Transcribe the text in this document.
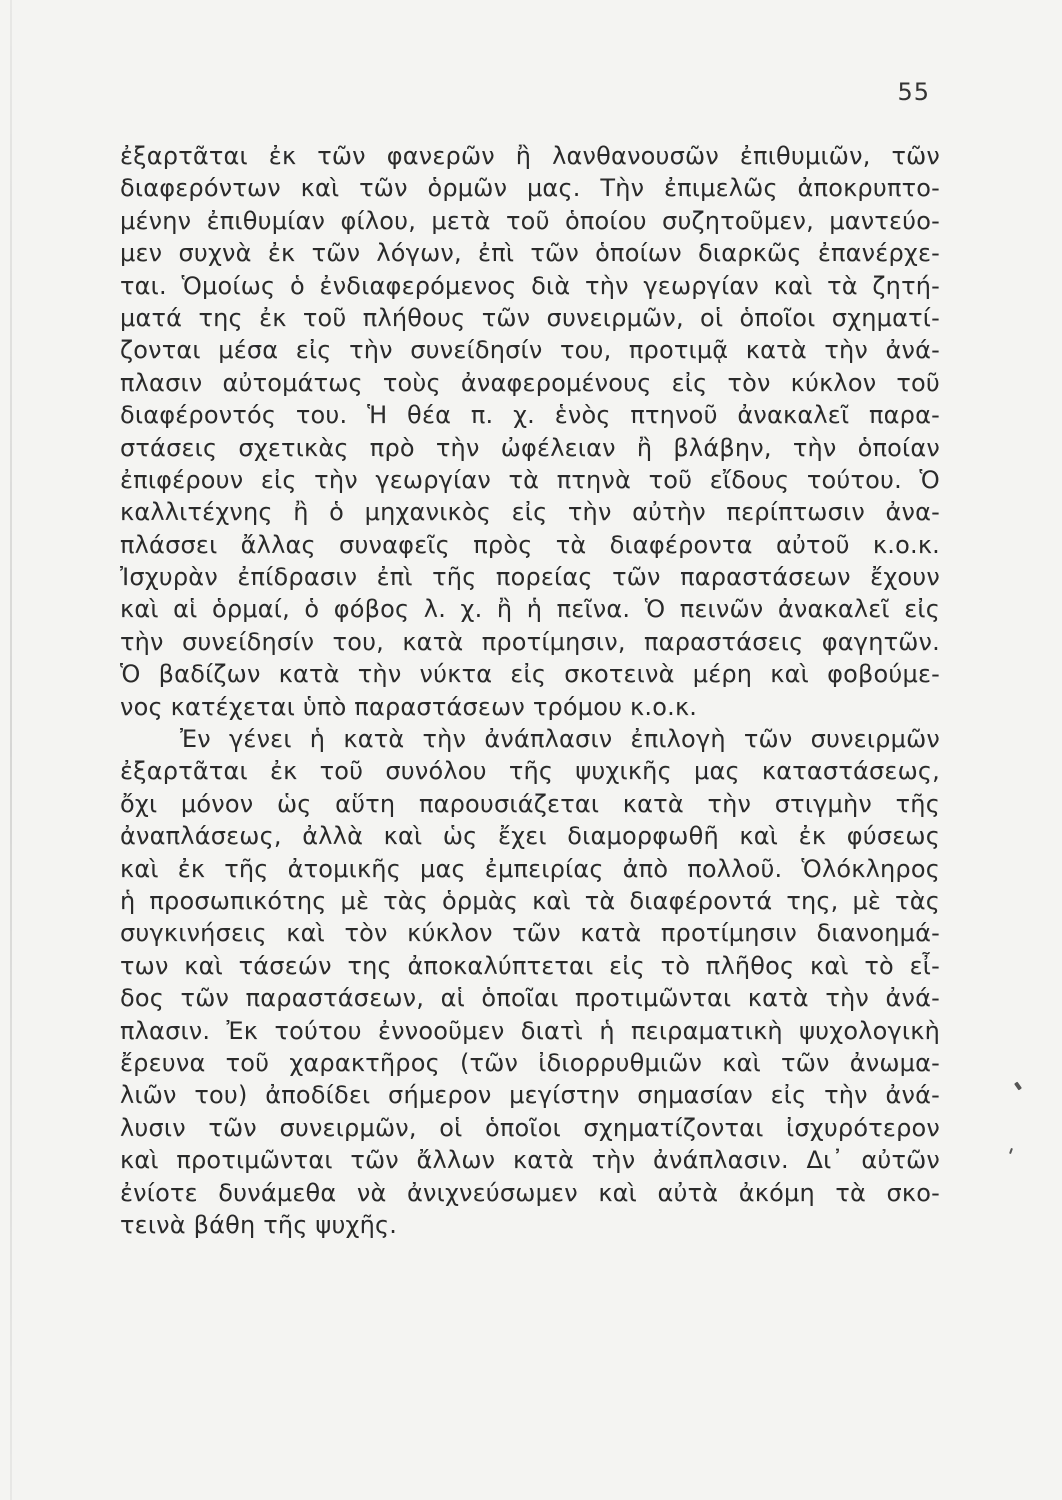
55
ἐξαρτᾶται ἐκ τῶν φανερῶν ἢ λανθανουσῶν ἐπιθυμιῶν, τῶν
διαφερόντων καὶ τῶν ὁρμῶν μας. Τὴν ἐπιμελῶς ἀποκρυπτο-
μένην ἐπιθυμίαν φίλου, μετὰ τοῦ ὁποίου συζητοῦμεν, μαντεύο-
μεν συχνὰ ἐκ τῶν λόγων, ἐπὶ τῶν ὁποίων διαρκῶς ἐπανέρχε-
ται. Ὁμοίως ὁ ἐνδιαφερόμενος διὰ τὴν γεωργίαν καὶ τὰ ζητή-
ματά της ἐκ τοῦ πλήθους τῶν συνειρμῶν, οἱ ὁποῖοι σχηματί-
ζονται μέσα εἰς τὴν συνείδησίν του, προτιμᾷ κατὰ τὴν ἀνά-
πλασιν αὐτομάτως τοὺς ἀναφερομένους εἰς τὸν κύκλον τοῦ
διαφέροντός του. Ἡ θέα π. χ. ἑνὸς πτηνοῦ ἀνακαλεῖ παρα-
στάσεις σχετικὰς πρὸ τὴν ὠφέλειαν ἢ βλάβην, τὴν ὁποίαν
ἐπιφέρουν εἰς τὴν γεωργίαν τὰ πτηνὰ τοῦ εἴδους τούτου. Ὁ
καλλιτέχνης ἢ ὁ μηχανικὸς εἰς τὴν αὐτὴν περίπτωσιν ἀνα-
πλάσσει ἄλλας συναφεῖς πρὸς τὰ διαφέροντα αὐτοῦ κ.ο.κ.
Ἰσχυρὰν ἐπίδρασιν ἐπὶ τῆς πορείας τῶν παραστάσεων ἔχουν
καὶ αἱ ὁρμαί, ὁ φόβος λ. χ. ἢ ἡ πεῖνα. Ὁ πεινῶν ἀνακαλεῖ εἰς
τὴν συνείδησίν του, κατὰ προτίμησιν, παραστάσεις φαγητῶν.
Ὁ βαδίζων κατὰ τὴν νύκτα εἰς σκοτεινὰ μέρη καὶ φοβούμε-
νος κατέχεται ὑπὸ παραστάσεων τρόμου κ.ο.κ.
Ἐν γένει ἡ κατὰ τὴν ἀνάπλασιν ἐπιλογὴ τῶν συνειρμῶν
ἐξαρτᾶται ἐκ τοῦ συνόλου τῆς ψυχικῆς μας καταστάσεως,
ὄχι μόνον ὡς αὕτη παρουσιάζεται κατὰ τὴν στιγμὴν τῆς
ἀναπλάσεως, ἀλλὰ καὶ ὡς ἔχει διαμορφωθῆ καὶ ἐκ φύσεως
καὶ ἐκ τῆς ἀτομικῆς μας ἐμπειρίας ἀπὸ πολλοῦ. Ὁλόκληρος
ἡ προσωπικότης μὲ τὰς ὁρμὰς καὶ τὰ διαφέροντά της, μὲ τὰς
συγκινήσεις καὶ τὸν κύκλον τῶν κατὰ προτίμησιν διανοημά-
των καὶ τάσεών της ἀποκαλύπτεται εἰς τὸ πλῆθος καὶ τὸ εἶ-
δος τῶν παραστάσεων, αἱ ὁποῖαι προτιμῶνται κατὰ τὴν ἀνά-
πλασιν. Ἐκ τούτου ἐννοοῦμεν διατὶ ἡ πειραματικὴ ψυχολογικὴ
ἔρευνα τοῦ χαρακτῆρος (τῶν ἰδιορρυθμιῶν καὶ τῶν ἀνωμα-
λιῶν του) ἀποδίδει σήμερον μεγίστην σημασίαν εἰς τὴν ἀνά-
λυσιν τῶν συνειρμῶν, οἱ ὁποῖοι σχηματίζονται ἰσχυρότερον
καὶ προτιμῶνται τῶν ἄλλων κατὰ τὴν ἀνάπλασιν. Δι᾽ αὐτῶν
ἐνίοτε δυνάμεθα νὰ ἀνιχνεύσωμεν καὶ αὐτὰ ἀκόμη τὰ σκο-
τεινὰ βάθη τῆς ψυχῆς.
